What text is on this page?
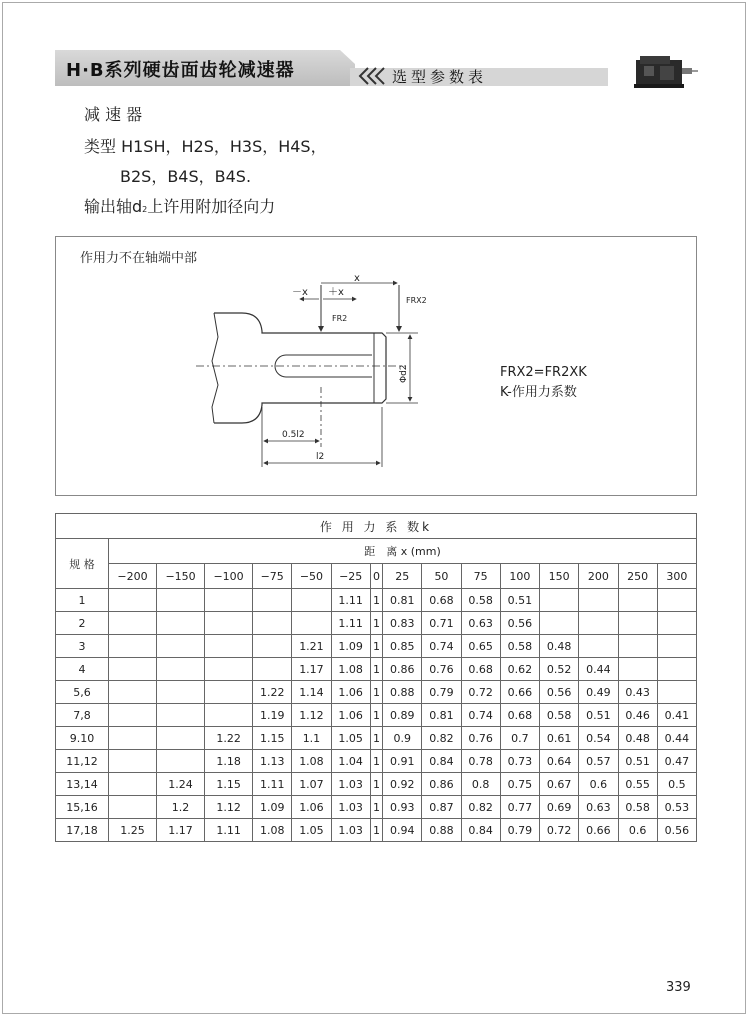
H·B系列硬齿面齿轮减速器	选型参数表
减 速 器
类型 H1SH，H2S，H3S，H4S，
B2S，B4S，B4S.
输出轴d2上许用附加径向力
作用力不在轴端中部
x
－x ＋x
FRX2
FR2
Φd2
0.5l2
l2
FRX2=FR2XK
K-作用力系数
作 用 力 系 数k															
规 格	距　离 x (mm)														
	−200	−150	−100	−75	−50	−25	0	25	50	75	100	150	200	250	300
1						1.11	1	0.81	0.68	0.58	0.51				
2						1.11	1	0.83	0.71	0.63	0.56				
3					1.21	1.09	1	0.85	0.74	0.65	0.58	0.48			
4					1.17	1.08	1	0.86	0.76	0.68	0.62	0.52	0.44		
5,6				1.22	1.14	1.06	1	0.88	0.79	0.72	0.66	0.56	0.49	0.43	
7,8				1.19	1.12	1.06	1	0.89	0.81	0.74	0.68	0.58	0.51	0.46	0.41
9.10			1.22	1.15	1.1	1.05	1	0.9	0.82	0.76	0.7	0.61	0.54	0.48	0.44
11,12			1.18	1.13	1.08	1.04	1	0.91	0.84	0.78	0.73	0.64	0.57	0.51	0.47
13,14		1.24	1.15	1.11	1.07	1.03	1	0.92	0.86	0.8	0.75	0.67	0.6	0.55	0.5
15,16		1.2	1.12	1.09	1.06	1.03	1	0.93	0.87	0.82	0.77	0.69	0.63	0.58	0.53
17,18	1.25	1.17	1.11	1.08	1.05	1.03	1	0.94	0.88	0.84	0.79	0.72	0.66	0.6	0.56
339
